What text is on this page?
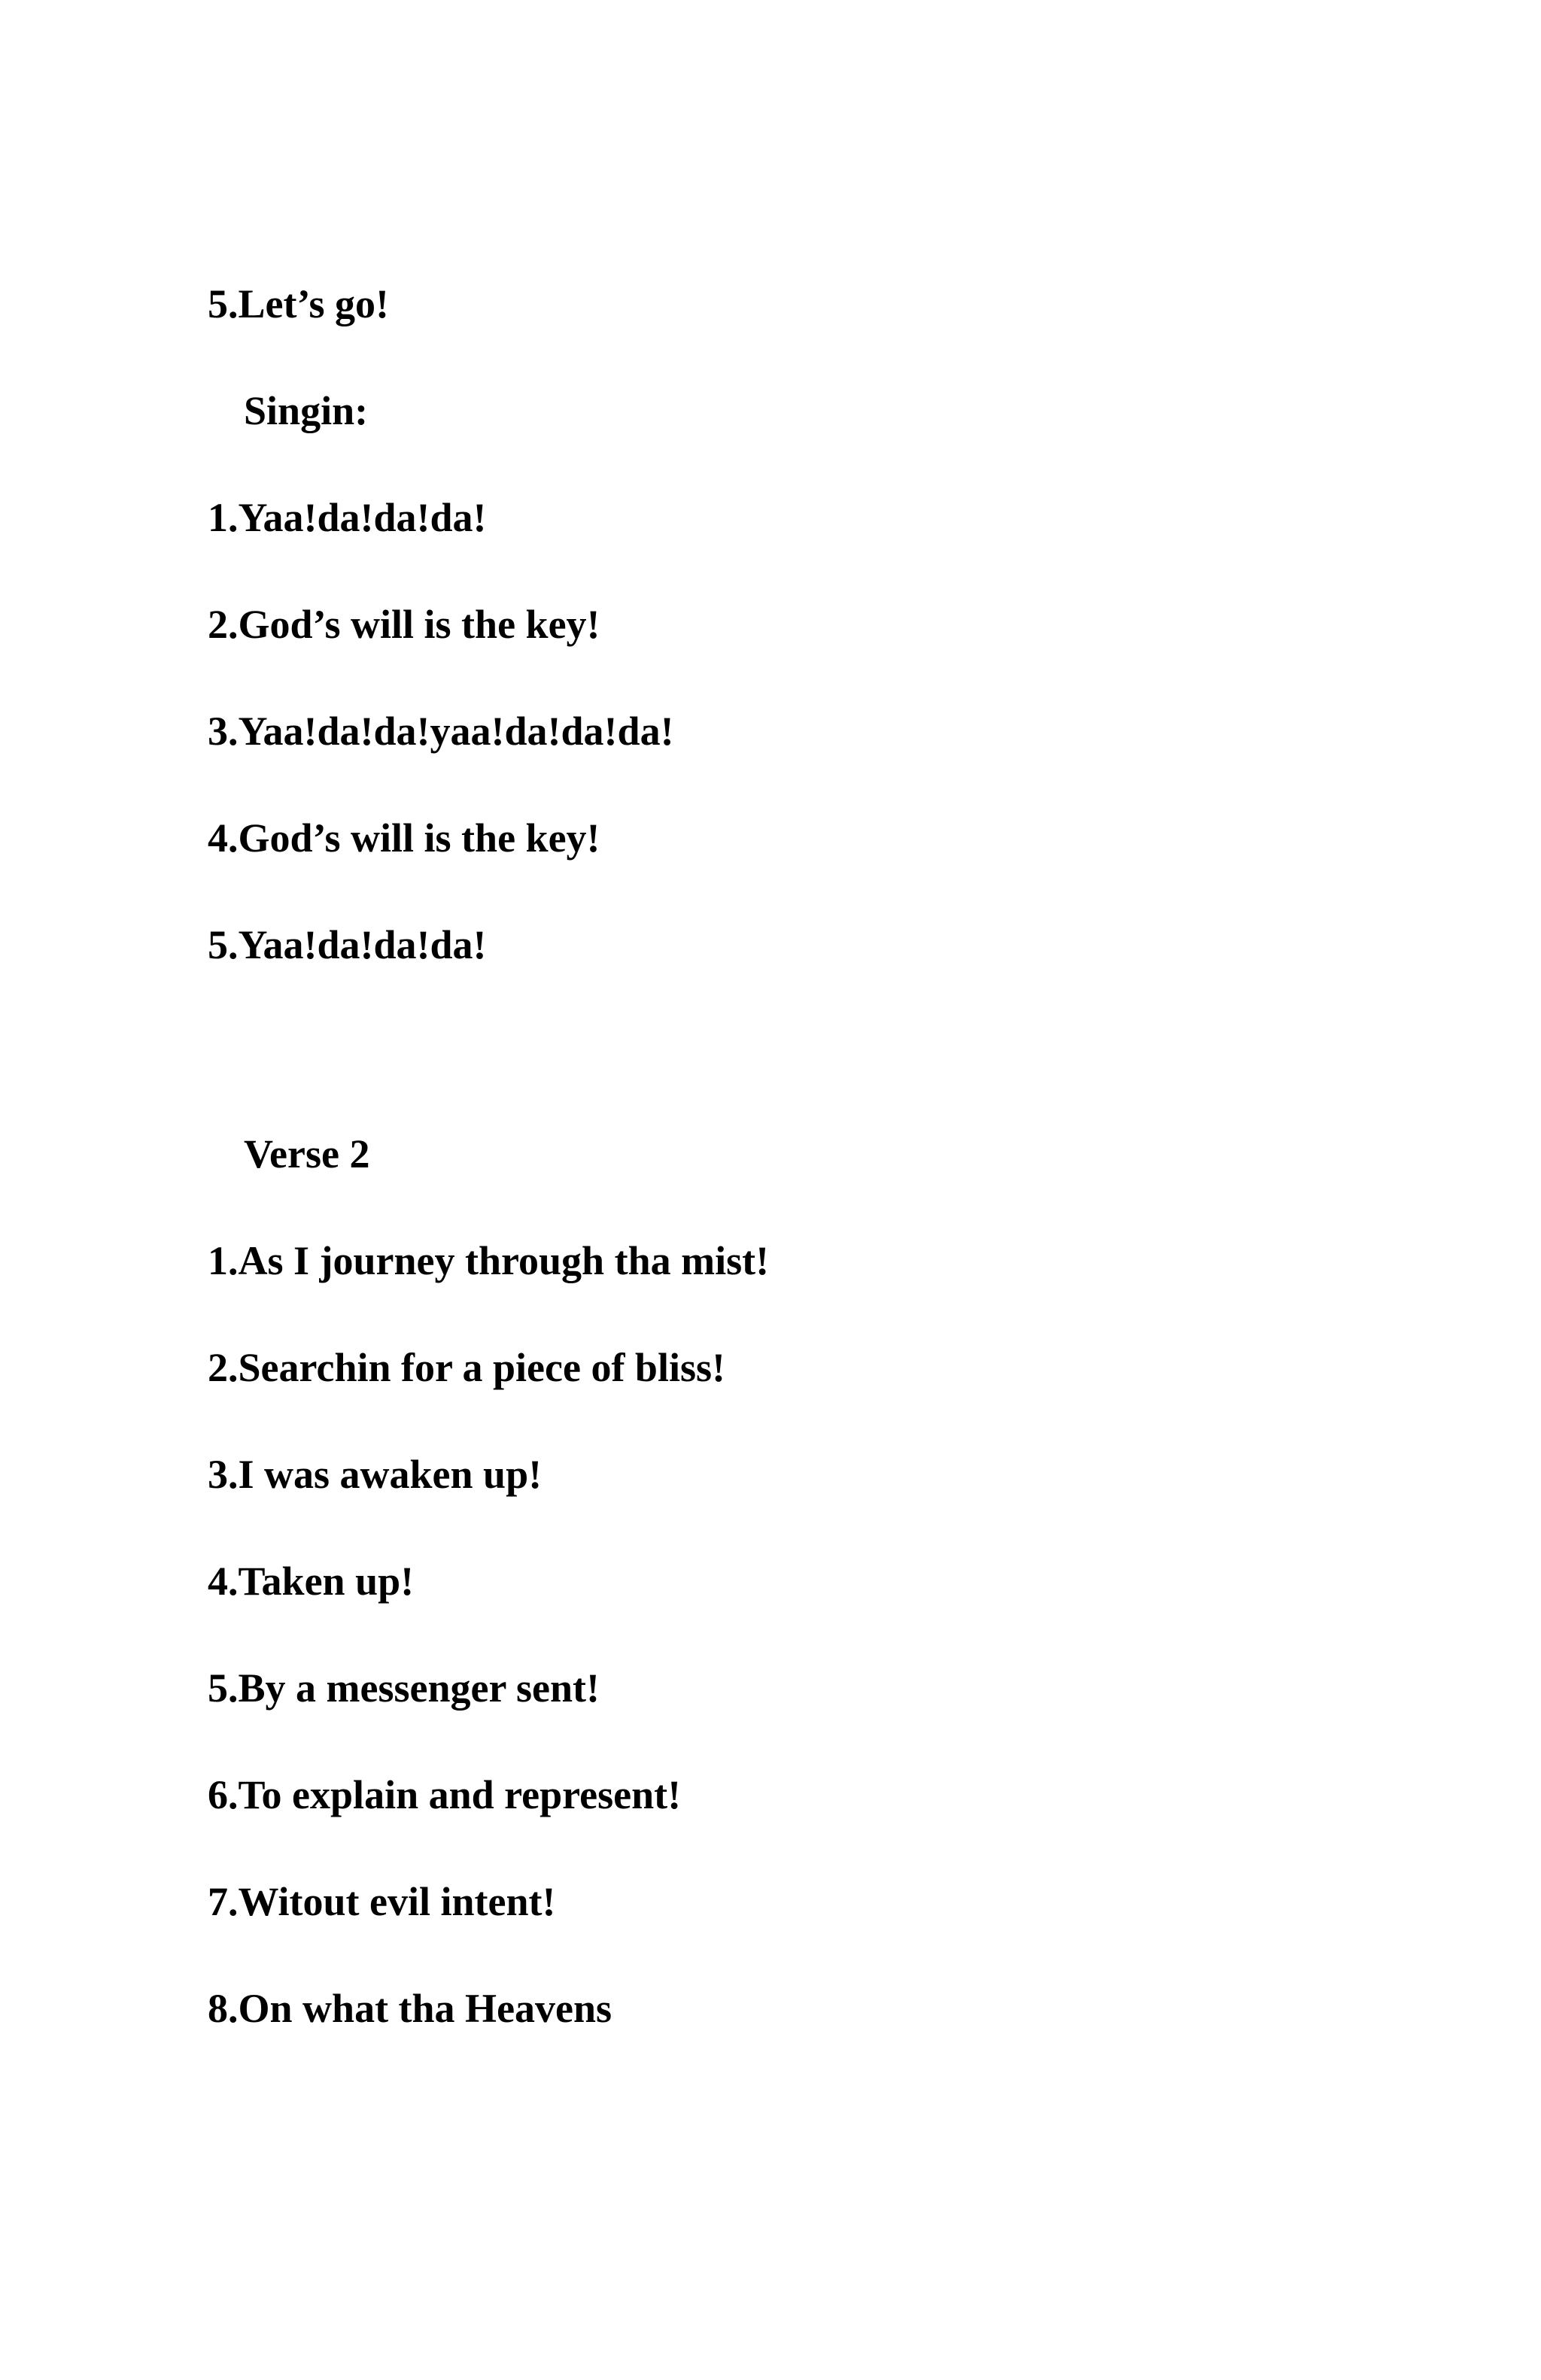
5.Let’s go!

Singin:

1.Yaa!da!da!da!

2.God’s will is the key!

3.Yaa!da!da!yaa!da!da!da!

4.God’s will is the key!

5.Yaa!da!da!da!

Verse 2

1.As I journey through tha mist!

2.Searchin for a piece of bliss!

3.I was awaken up!

4.Taken up!

5.By a messenger sent!

6.To explain and represent!

7.Witout evil intent!

8.On what tha Heavens
